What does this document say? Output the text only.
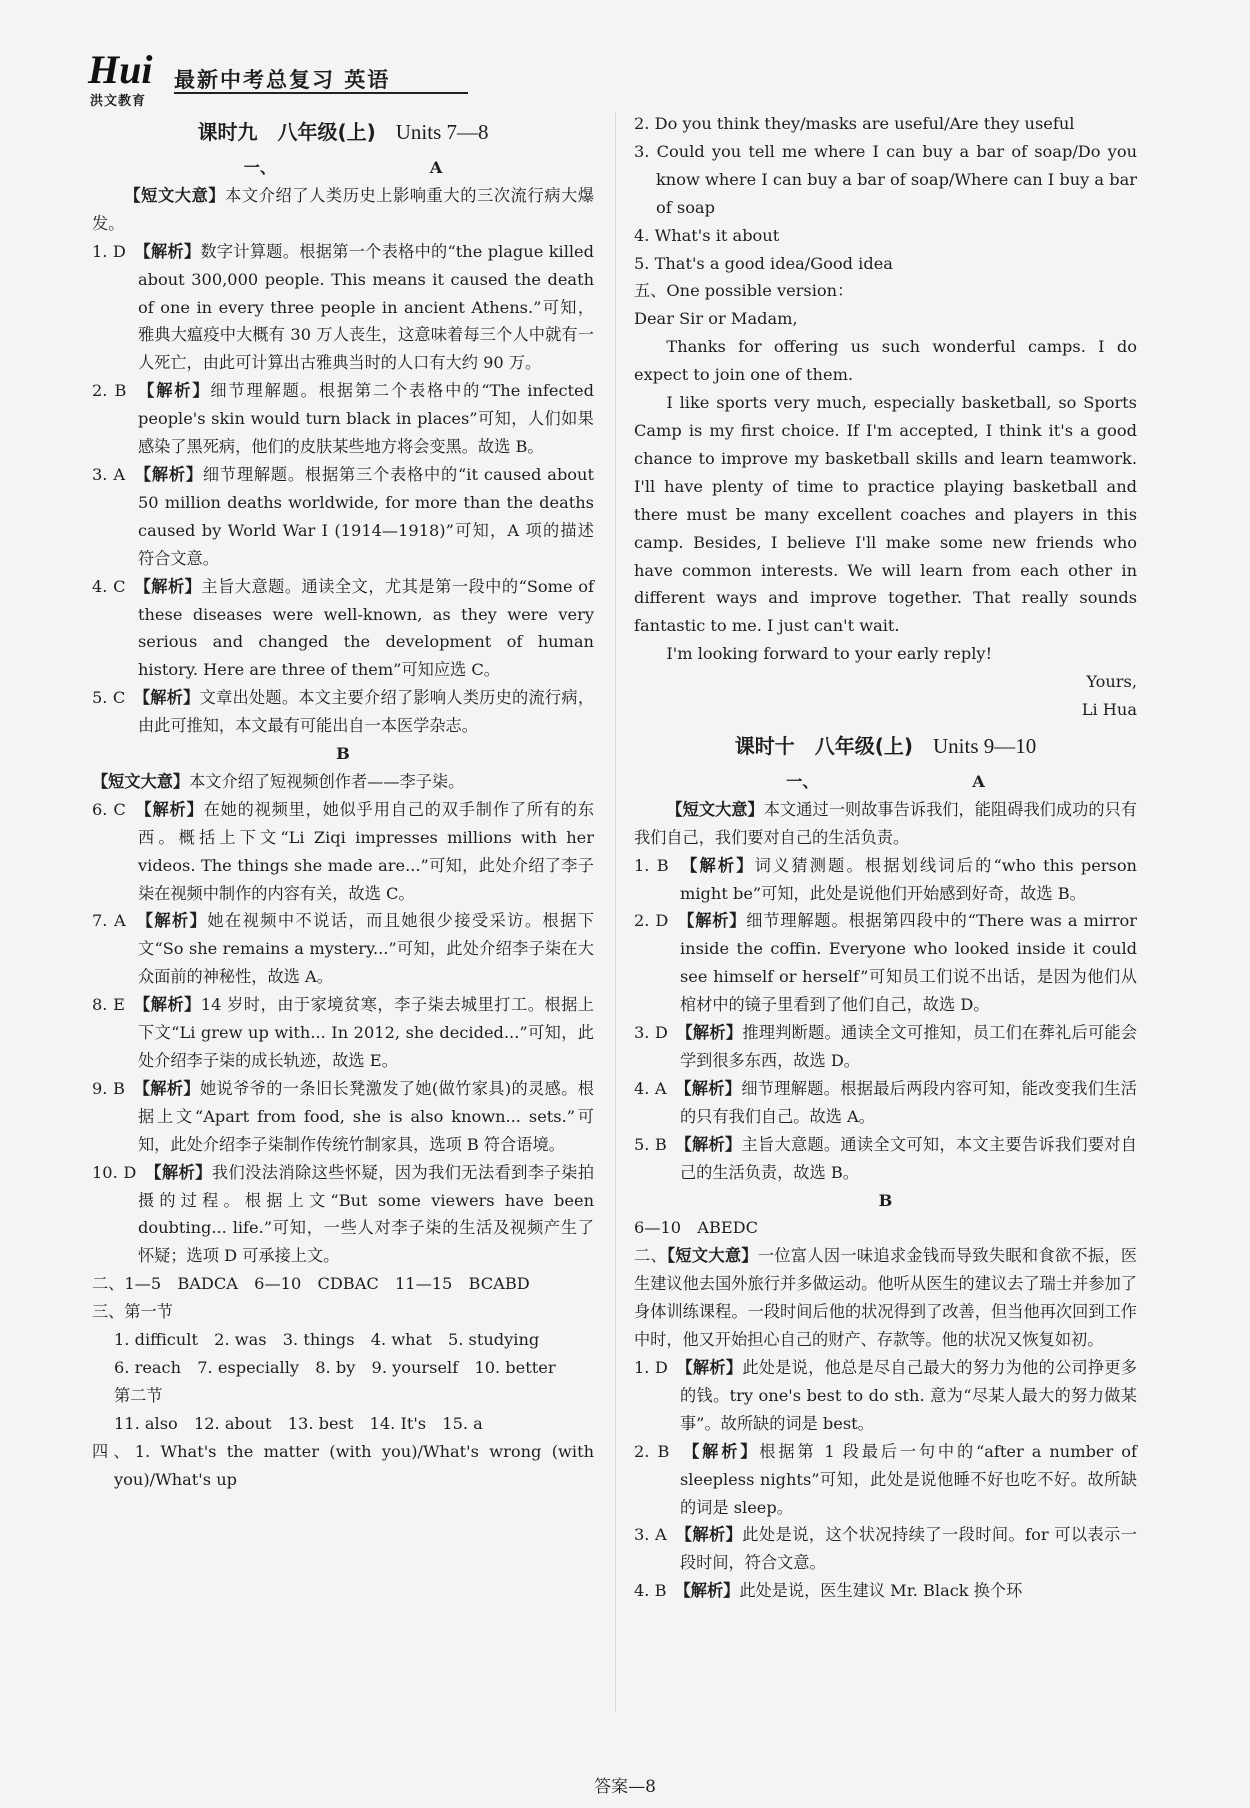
Hui
洪文教育
最新中考总复习 英语

课时九　八年级(上)　Units 7—8

一、　　　　　　　　　　A

【短文大意】本文介绍了人类历史上影响重大的三次流行病大爆发。

1. D　【解析】数字计算题。根据第一个表格中的“the plague killed about 300,000 people. This means it caused the death of one in every three people in ancient Athens.”可知，雅典大瘟疫中大概有 30 万人丧生，这意味着每三个人中就有一人死亡，由此可计算出古雅典当时的人口有大约 90 万。

2. B　【解析】细节理解题。根据第二个表格中的“The infected people's skin would turn black in places”可知，人们如果感染了黑死病，他们的皮肤某些地方将会变黑。故选 B。

3. A　【解析】细节理解题。根据第三个表格中的“it caused about 50 million deaths worldwide, for more than the deaths caused by World War I (1914—1918)”可知，A 项的描述符合文意。

4. C　【解析】主旨大意题。通读全文，尤其是第一段中的“Some of these diseases were well-known, as they were very serious and changed the development of human history. Here are three of them”可知应选 C。

5. C　【解析】文章出处题。本文主要介绍了影响人类历史的流行病，由此可推知，本文最有可能出自一本医学杂志。

B

【短文大意】本文介绍了短视频创作者——李子柒。

6. C　【解析】在她的视频里，她似乎用自己的双手制作了所有的东西。概括上下文“Li Ziqi impresses millions with her videos. The things she made are...”可知，此处介绍了李子柒在视频中制作的内容有关，故选 C。

7. A　【解析】她在视频中不说话，而且她很少接受采访。根据下文“So she remains a mystery...”可知，此处介绍李子柒在大众面前的神秘性，故选 A。

8. E　【解析】14 岁时，由于家境贫寒，李子柒去城里打工。根据上下文“Li grew up with... In 2012, she decided...”可知，此处介绍李子柒的成长轨迹，故选 E。

9. B　【解析】她说爷爷的一条旧长凳激发了她(做竹家具)的灵感。根据上文“Apart from food, she is also known... sets.”可知，此处介绍李子柒制作传统竹制家具，选项 B 符合语境。

10. D　【解析】我们没法消除这些怀疑，因为我们无法看到李子柒拍摄的过程。根据上文“But some viewers have been doubting... life.”可知，一些人对李子柒的生活及视频产生了怀疑；选项 D 可承接上文。

二、1—5　BADCA　6—10　CDBAC　11—15　BCABD

三、第一节

1. difficult　2. was　3. things　4. what　5. studying

6. reach　7. especially　8. by　9. yourself　10. better

第二节

11. also　12. about　13. best　14. It's　15. a

四、1. What's the matter (with you)/What's wrong (with you)/What's up

2. Do you think they/masks are useful/Are they useful

3. Could you tell me where I can buy a bar of soap/Do you know where I can buy a bar of soap/Where can I buy a bar of soap

4. What's it about

5. That's a good idea/Good idea

五、One possible version：

Dear Sir or Madam,

Thanks for offering us such wonderful camps. I do expect to join one of them.

I like sports very much, especially basketball, so Sports Camp is my first choice. If I'm accepted, I think it's a good chance to improve my basketball skills and learn teamwork. I'll have plenty of time to practice playing basketball and there must be many excellent coaches and players in this camp. Besides, I believe I'll make some new friends who have common interests. We will learn from each other in different ways and improve together. That really sounds fantastic to me. I just can't wait.

I'm looking forward to your early reply!

Yours,

Li Hua

课时十　八年级(上)　Units 9—10

一、　　　　　　　　　　A

【短文大意】本文通过一则故事告诉我们，能阻碍我们成功的只有我们自己，我们要对自己的生活负责。

1. B　【解析】词义猜测题。根据划线词后的“who this person might be”可知，此处是说他们开始感到好奇，故选 B。

2. D　【解析】细节理解题。根据第四段中的“There was a mirror inside the coffin. Everyone who looked inside it could see himself or herself”可知员工们说不出话，是因为他们从棺材中的镜子里看到了他们自己，故选 D。

3. D　【解析】推理判断题。通读全文可推知，员工们在葬礼后可能会学到很多东西，故选 D。

4. A　【解析】细节理解题。根据最后两段内容可知，能改变我们生活的只有我们自己。故选 A。

5. B　【解析】主旨大意题。通读全文可知，本文主要告诉我们要对自己的生活负责，故选 B。

B

6—10　ABEDC

二、【短文大意】一位富人因一味追求金钱而导致失眠和食欲不振，医生建议他去国外旅行并多做运动。他听从医生的建议去了瑞士并参加了身体训练课程。一段时间后他的状况得到了改善，但当他再次回到工作中时，他又开始担心自己的财产、存款等。他的状况又恢复如初。

1. D　【解析】此处是说，他总是尽自己最大的努力为他的公司挣更多的钱。try one's best to do sth. 意为“尽某人最大的努力做某事”。故所缺的词是 best。

2. B　【解析】根据第 1 段最后一句中的“after a number of sleepless nights”可知，此处是说他睡不好也吃不好。故所缺的词是 sleep。

3. A　【解析】此处是说，这个状况持续了一段时间。for 可以表示一段时间，符合文意。

4. B　【解析】此处是说，医生建议 Mr. Black 换个环

答案—8
